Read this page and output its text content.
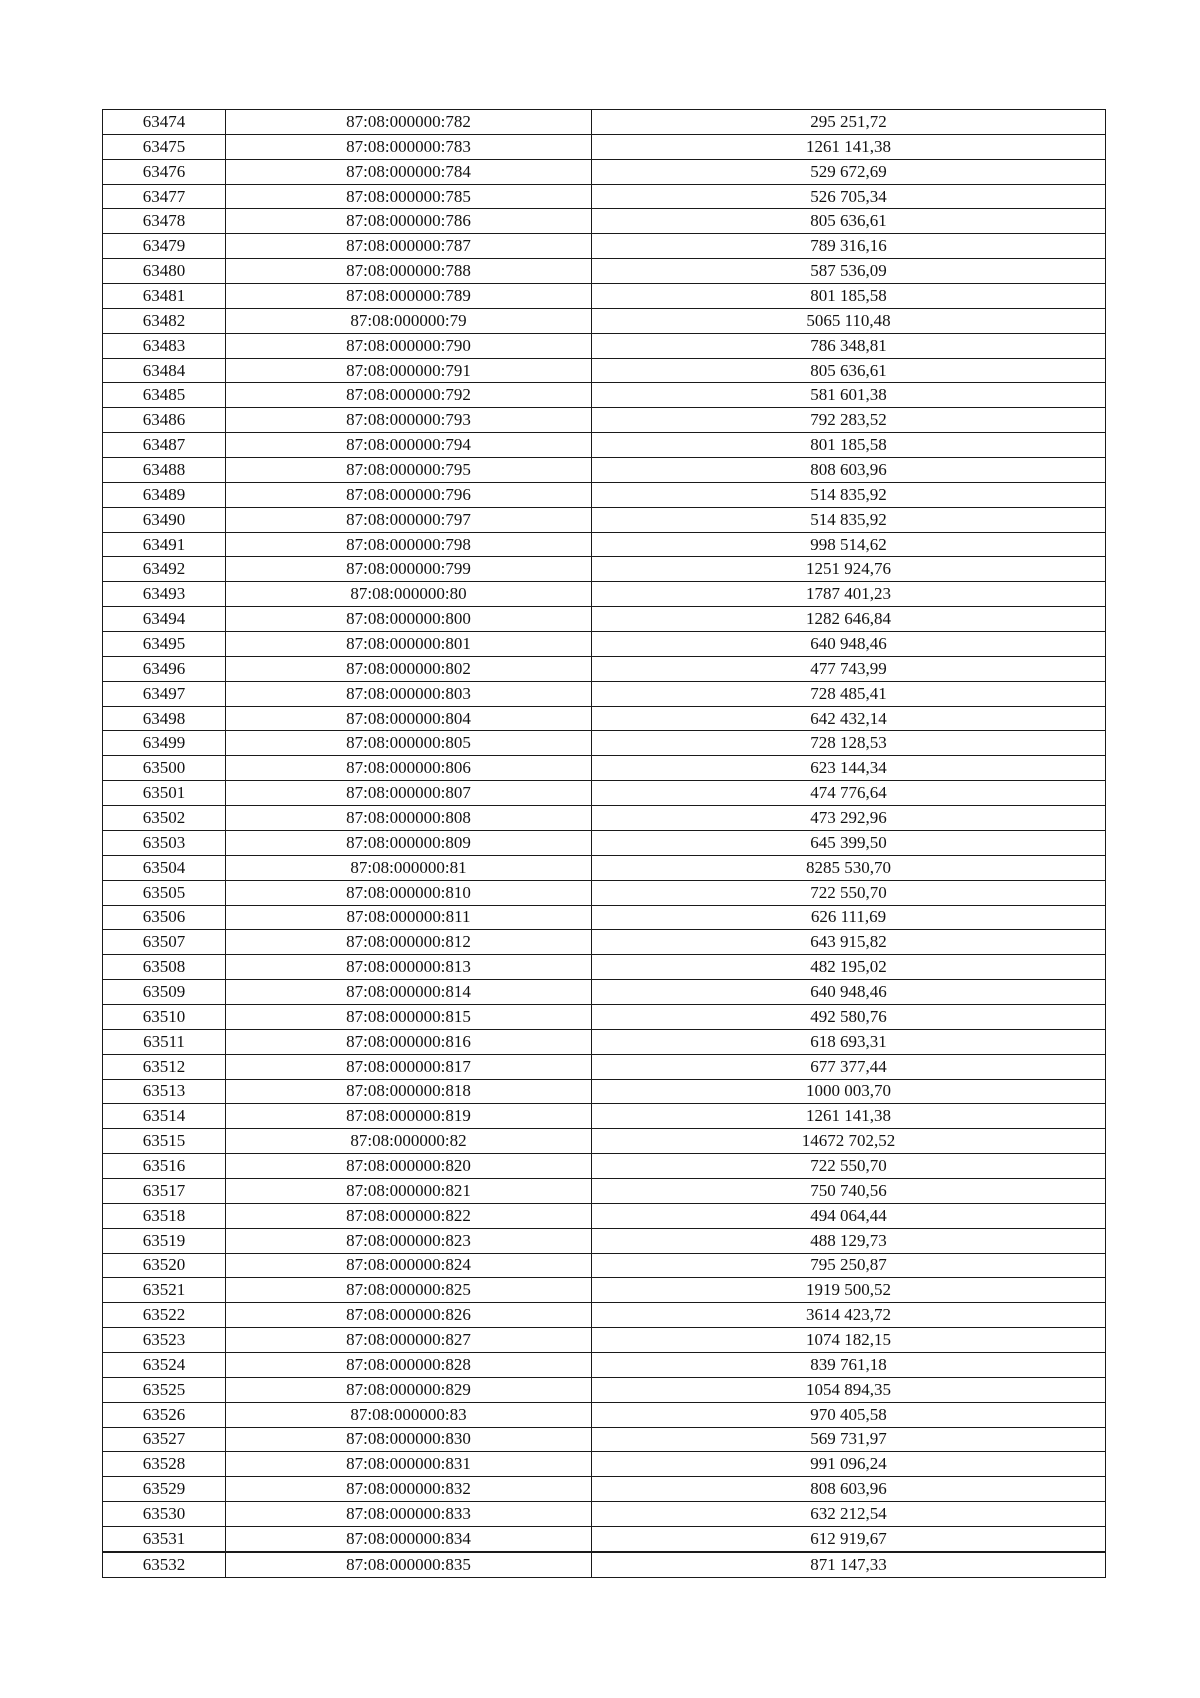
63474	87:08:000000:782	295 251,72
63475	87:08:000000:783	1261 141,38
63476	87:08:000000:784	529 672,69
63477	87:08:000000:785	526 705,34
63478	87:08:000000:786	805 636,61
63479	87:08:000000:787	789 316,16
63480	87:08:000000:788	587 536,09
63481	87:08:000000:789	801 185,58
63482	87:08:000000:79	5065 110,48
63483	87:08:000000:790	786 348,81
63484	87:08:000000:791	805 636,61
63485	87:08:000000:792	581 601,38
63486	87:08:000000:793	792 283,52
63487	87:08:000000:794	801 185,58
63488	87:08:000000:795	808 603,96
63489	87:08:000000:796	514 835,92
63490	87:08:000000:797	514 835,92
63491	87:08:000000:798	998 514,62
63492	87:08:000000:799	1251 924,76
63493	87:08:000000:80	1787 401,23
63494	87:08:000000:800	1282 646,84
63495	87:08:000000:801	640 948,46
63496	87:08:000000:802	477 743,99
63497	87:08:000000:803	728 485,41
63498	87:08:000000:804	642 432,14
63499	87:08:000000:805	728 128,53
63500	87:08:000000:806	623 144,34
63501	87:08:000000:807	474 776,64
63502	87:08:000000:808	473 292,96
63503	87:08:000000:809	645 399,50
63504	87:08:000000:81	8285 530,70
63505	87:08:000000:810	722 550,70
63506	87:08:000000:811	626 111,69
63507	87:08:000000:812	643 915,82
63508	87:08:000000:813	482 195,02
63509	87:08:000000:814	640 948,46
63510	87:08:000000:815	492 580,76
63511	87:08:000000:816	618 693,31
63512	87:08:000000:817	677 377,44
63513	87:08:000000:818	1000 003,70
63514	87:08:000000:819	1261 141,38
63515	87:08:000000:82	14672 702,52
63516	87:08:000000:820	722 550,70
63517	87:08:000000:821	750 740,56
63518	87:08:000000:822	494 064,44
63519	87:08:000000:823	488 129,73
63520	87:08:000000:824	795 250,87
63521	87:08:000000:825	1919 500,52
63522	87:08:000000:826	3614 423,72
63523	87:08:000000:827	1074 182,15
63524	87:08:000000:828	839 761,18
63525	87:08:000000:829	1054 894,35
63526	87:08:000000:83	970 405,58
63527	87:08:000000:830	569 731,97
63528	87:08:000000:831	991 096,24
63529	87:08:000000:832	808 603,96
63530	87:08:000000:833	632 212,54
63531	87:08:000000:834	612 919,67
63532	87:08:000000:835	871 147,33
